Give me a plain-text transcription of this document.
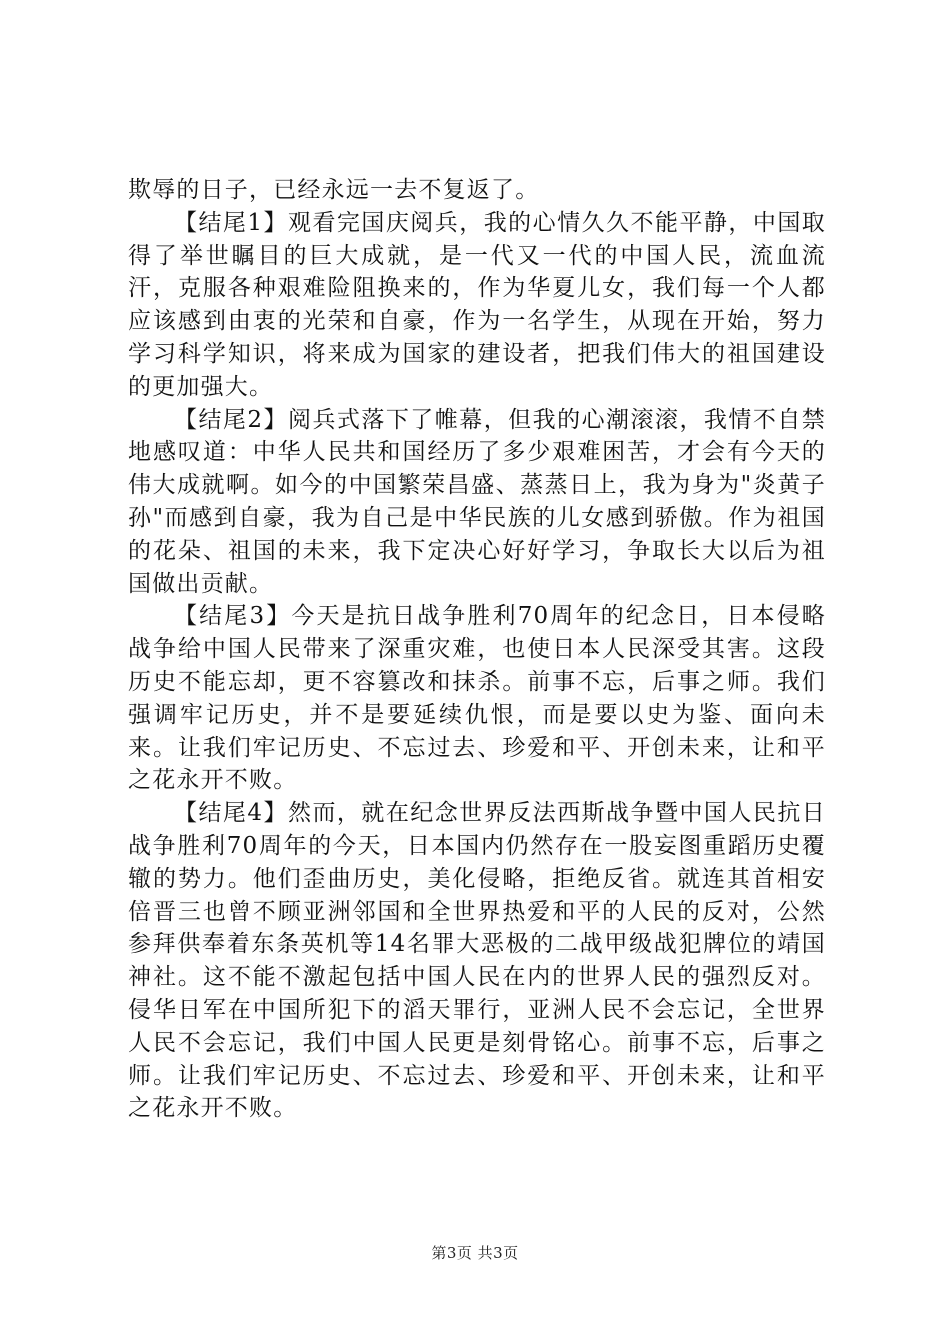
欺辱的日子，已经永远一去不复返了。

【结尾1】观看完国庆阅兵，我的心情久久不能平静，中国取得了举世瞩目的巨大成就，是一代又一代的中国人民，流血流汗，克服各种艰难险阻换来的，作为华夏儿女，我们每一个人都应该感到由衷的光荣和自豪，作为一名学生，从现在开始，努力学习科学知识，将来成为国家的建设者，把我们伟大的祖国建设的更加强大。

【结尾2】阅兵式落下了帷幕，但我的心潮滚滚，我情不自禁地感叹道：中华人民共和国经历了多少艰难困苦，才会有今天的伟大成就啊。如今的中国繁荣昌盛、蒸蒸日上，我为身为"炎黄子孙"而感到自豪，我为自己是中华民族的儿女感到骄傲。作为祖国的花朵、祖国的未来，我下定决心好好学习，争取长大以后为祖国做出贡献。

【结尾3】今天是抗日战争胜利70周年的纪念日，日本侵略战争给中国人民带来了深重灾难，也使日本人民深受其害。这段历史不能忘却，更不容篡改和抹杀。前事不忘，后事之师。我们强调牢记历史，并不是要延续仇恨，而是要以史为鉴、面向未来。让我们牢记历史、不忘过去、珍爱和平、开创未来，让和平之花永开不败。

【结尾4】然而，就在纪念世界反法西斯战争暨中国人民抗日战争胜利70周年的今天，日本国内仍然存在一股妄图重蹈历史覆辙的势力。他们歪曲历史，美化侵略，拒绝反省。就连其首相安倍晋三也曾不顾亚洲邻国和全世界热爱和平的人民的反对，公然参拜供奉着东条英机等14名罪大恶极的二战甲级战犯牌位的靖国神社。这不能不激起包括中国人民在内的世界人民的强烈反对。侵华日军在中国所犯下的滔天罪行，亚洲人民不会忘记，全世界人民不会忘记，我们中国人民更是刻骨铭心。前事不忘，后事之师。让我们牢记历史、不忘过去、珍爱和平、开创未来，让和平之花永开不败。

第3页 共3页
